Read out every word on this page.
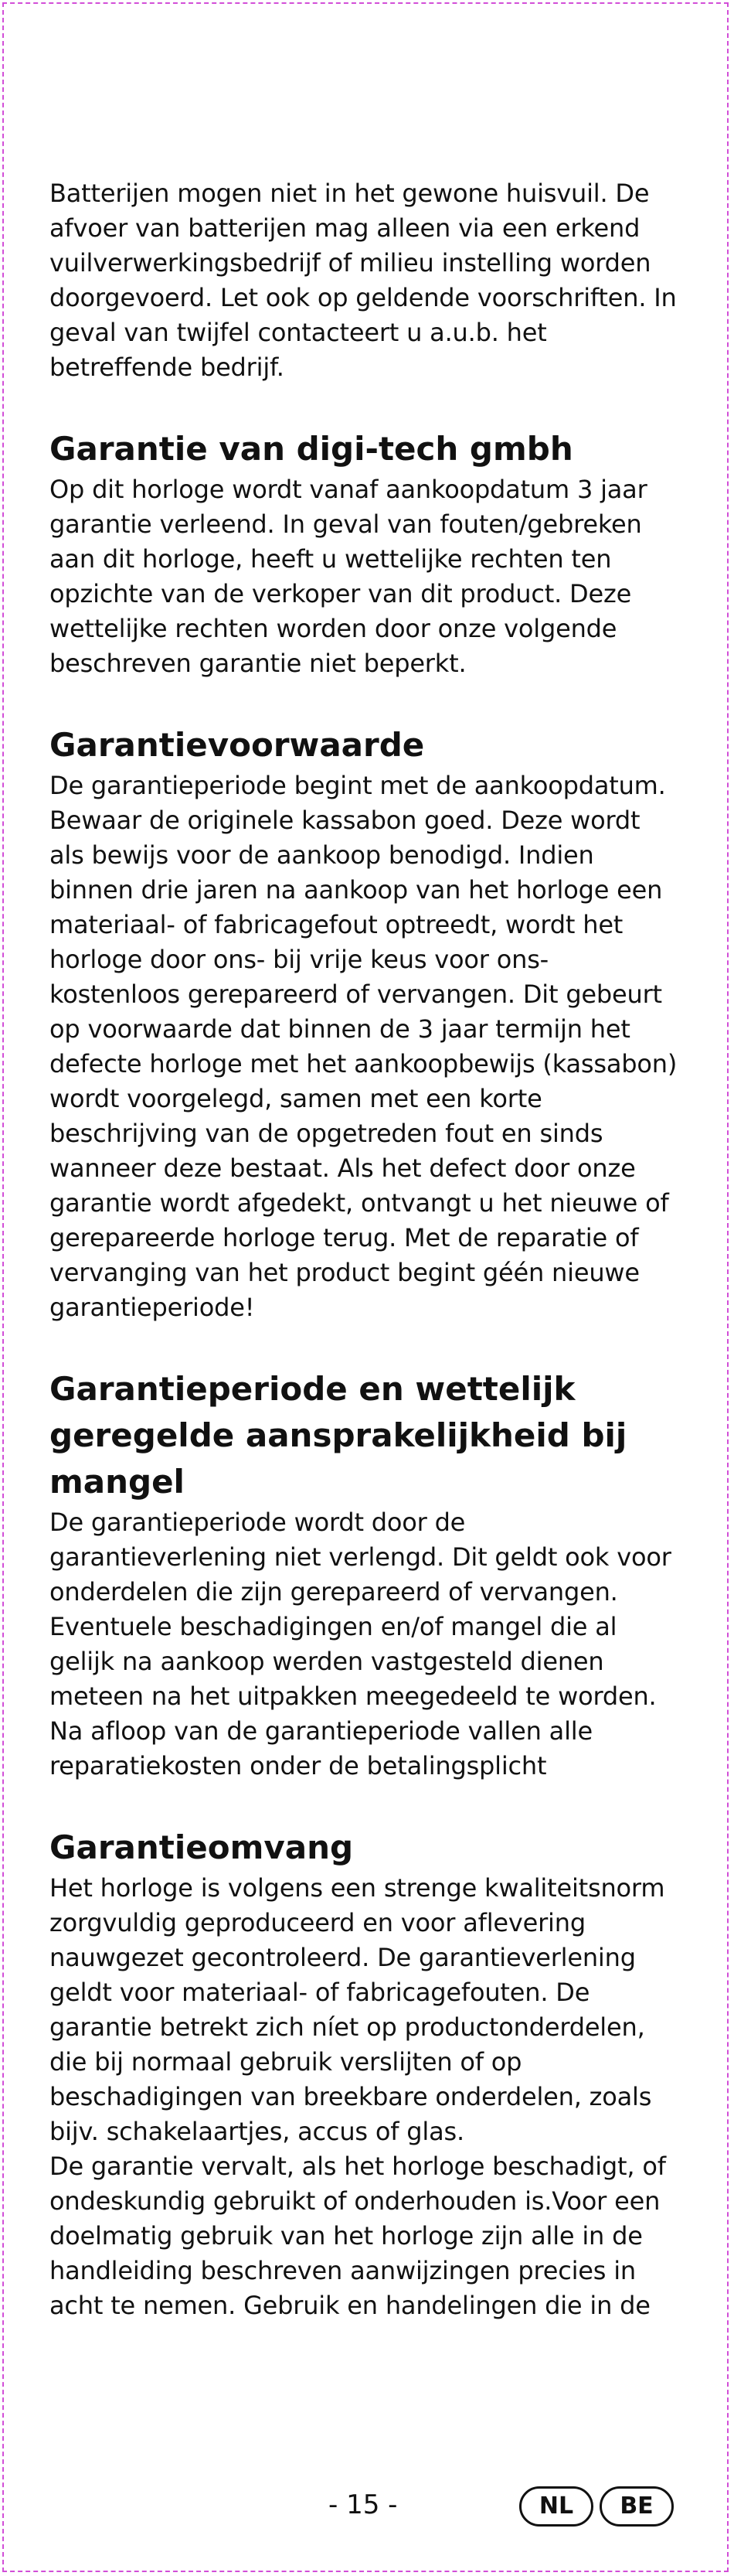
Batterijen mogen niet in het gewone huisvuil. De
afvoer van batterijen mag alleen via een erkend
vuilverwerkingsbedrijf of milieu instelling worden
doorgevoerd. Let ook op geldende voorschriften. In
geval van twijfel contacteert u a.u.b. het
betreffende bedrijf.

Garantie van digi-tech gmbh

Op dit horloge wordt vanaf aankoopdatum 3 jaar
garantie verleend. In geval van fouten/gebreken
aan dit horloge, heeft u wettelijke rechten ten
opzichte van de verkoper van dit product. Deze
wettelijke rechten worden door onze volgende
beschreven garantie niet beperkt.

Garantievoorwaarde

De garantieperiode begint met de aankoopdatum.
Bewaar de originele kassabon goed. Deze wordt
als bewijs voor de aankoop benodigd. Indien
binnen drie jaren na aankoop van het horloge een
materiaal- of fabricagefout optreedt, wordt het
horloge door ons- bij vrije keus voor ons-
kostenloos gerepareerd of vervangen. Dit gebeurt
op voorwaarde dat binnen de 3 jaar termijn het
defecte horloge met het aankoopbewijs (kassabon)
wordt voorgelegd, samen met een korte
beschrijving van de opgetreden fout en sinds
wanneer deze bestaat. Als het defect door onze
garantie wordt afgedekt, ontvangt u het nieuwe of
gerepareerde horloge terug. Met de reparatie of
vervanging van het product begint géén nieuwe
garantieperiode!

Garantieperiode en wettelijk
geregelde aansprakelijkheid bij
mangel

De garantieperiode wordt door de
garantieverlening niet verlengd. Dit geldt ook voor
onderdelen die zijn gerepareerd of vervangen.
Eventuele beschadigingen en/of mangel die al
gelijk na aankoop werden vastgesteld dienen
meteen na het uitpakken meegedeeld te worden.
Na afloop van de garantieperiode vallen alle
reparatiekosten onder de betalingsplicht

Garantieomvang

Het horloge is volgens een strenge kwaliteitsnorm
zorgvuldig geproduceerd en voor aflevering
nauwgezet gecontroleerd. De garantieverlening
geldt voor materiaal- of fabricagefouten. De
garantie betrekt zich níet op productonderdelen,
die bij normaal gebruik verslijten of op
beschadigingen van breekbare onderdelen, zoals
bijv. schakelaartjes, accus of glas.
De garantie vervalt, als het horloge beschadigt, of
ondeskundig gebruikt of onderhouden is.Voor een
doelmatig gebruik van het horloge zijn alle in de
handleiding beschreven aanwijzingen precies in
acht te nemen. Gebruik en handelingen die in de

- 15 -	NL	BE
